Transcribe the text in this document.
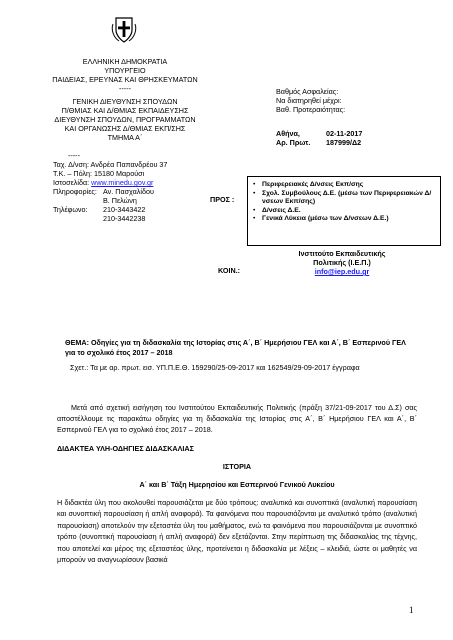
ΕΛΛΗΝΙΚΗ ΔΗΜΟΚΡΑΤΙΑ
ΥΠΟΥΡΓΕΙΟ
ΠΑΙΔΕΙΑΣ, ΕΡΕΥΝΑΣ ΚΑΙ ΘΡΗΣΚΕΥΜΑΤΩΝ
-----
ΓΕΝΙΚΗ ΔΙΕΥΘΥΝΣΗ ΣΠΟΥΔΩΝ
Π/ΘΜΙΑΣ ΚΑΙ Δ/ΘΜΙΑΣ ΕΚΠΑΙΔΕΥΣΗΣ
ΔΙΕΥΘΥΝΣΗ ΣΠΟΥΔΩΝ, ΠΡΟΓΡΑΜΜΑΤΩΝ
ΚΑΙ ΟΡΓΑΝΩΣΗΣ Δ/ΘΜΙΑΣ ΕΚΠ/ΣΗΣ
ΤΜΗΜΑ Α΄
-----
Ταχ. Δ/νση: Ανδρέα Παπανδρέου 37
Τ.Κ. – Πόλη: 15180 Μαρούσι
Ιστοσελίδα:
www.minedu.gov.gr
Πληροφορίες: Αν. Πασχαλίδου
Β. Πελώνη
Τηλέφωνο:	210-3443422
210-3442238
Βαθμός Ασφαλείας:
Να διατηρηθεί μέχρι:
Βαθ. Προτεραιότητας:
Αθήνα,	02-11-2017
Αρ. Πρωτ.	187999/Δ2
ΠΡΟΣ :
• Περιφερειακές Δ/νσεις Εκπ/σης
• Σχολ. Συμβούλους Δ.Ε. (μέσω των Περιφερειακών Δ/νσεων Εκπ/σης)
• Δ/νσεις Δ.Ε.
• Γενικά Λύκεια (μέσω των Δ/νσεων Δ.Ε.)
ΚΟΙΝ.:
Ινστιτούτο Εκπαιδευτικής
Πολιτικής (Ι.Ε.Π.)
info@iep.edu.gr
ΘΕΜΑ: Οδηγίες για τη διδασκαλία της Ιστορίας στις Α΄, Β΄ Ημερήσιου ΓΕΛ και Α΄, Β΄ Εσπερινού ΓΕΛ για το σχολικό έτος 2017 – 2018
Σχετ.: Τα με αρ. πρωτ. εισ. ΥΠ.Π.Ε.Θ. 159290/25-09-2017 και 162549/29-09-2017 έγγραφα
Μετά από σχετική εισήγηση του Ινστιτούτου Εκπαιδευτικής Πολιτικής (πράξη 37/21-09-2017 του Δ.Σ) σας αποστέλλουμε τις παρακάτω οδηγίες για τη διδασκαλία της Ιστορίας στις Α΄, Β΄ Ημερήσιου ΓΕΛ και Α΄, Β΄ Εσπερινού ΓΕΛ για το σχολικό έτος 2017 – 2018.
ΔΙΔΑΚΤΕΑ ΥΛΗ-ΟΔΗΓΙΕΣ ΔΙΔΑΣΚΑΛΙΑΣ
ΙΣΤΟΡΙΑ
Α΄ και Β΄ Τάξη Ημερησίου και Εσπερινού Γενικού Λυκείου
Η διδακτέα ύλη που ακολουθεί παρουσιάζεται με δύο τρόπους: αναλυτικά και συνοπτικά (αναλυτική παρουσίαση και συνοπτική παρουσίαση ή απλή αναφορά). Τα φαινόμενα που παρουσιάζονται με αναλυτικό τρόπο (αναλυτική παρουσίαση) αποτελούν την εξεταστέα ύλη του μαθήματος, ενώ τα φαινόμενα που παρουσιάζονται με συνοπτικό τρόπο (συνοπτική παρουσίαση ή απλή αναφορά) δεν εξετάζονται. Στην περίπτωση της διδασκαλίας της τέχνης, που αποτελεί και μέρος της εξεταστέας ύλης, προτείνεται η διδασκαλία με λέξεις – κλειδιά, ώστε οι μαθητές να μπορούν να αναγνωρίσουν βασικά
1
